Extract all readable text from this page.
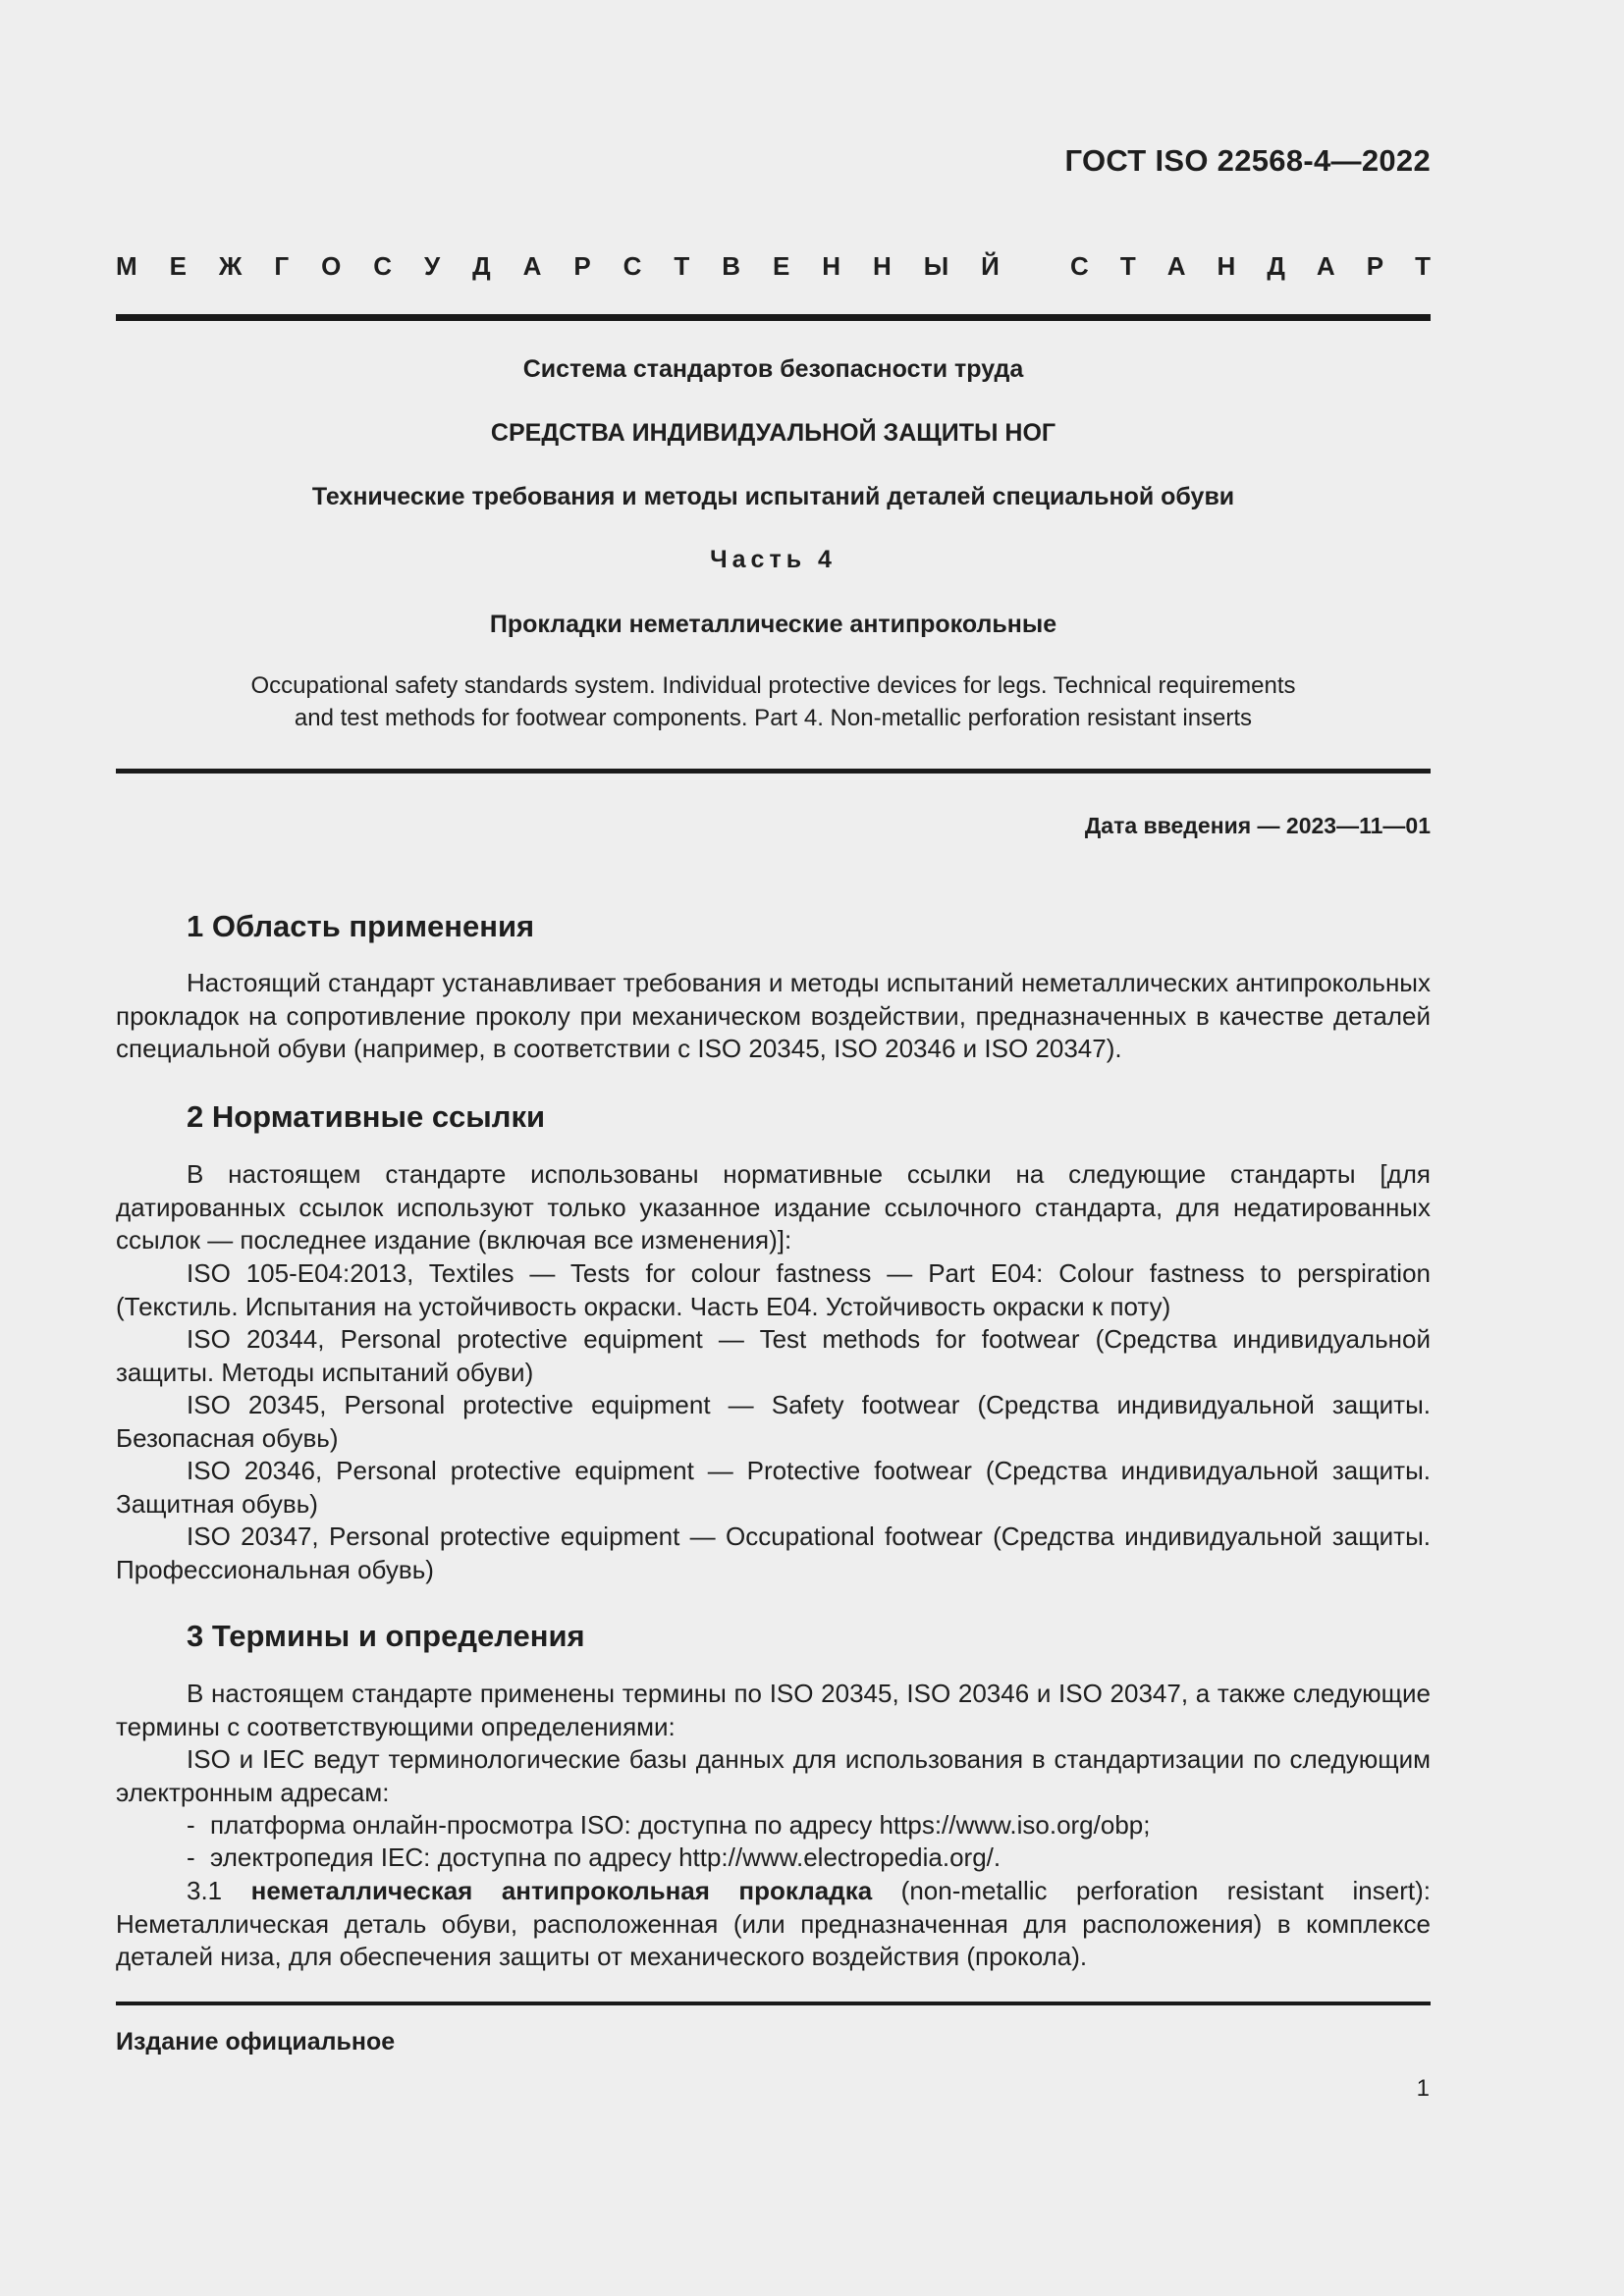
ГОСТ ISO 22568-4—2022
М Е Ж Г О С У Д А Р С Т В Е Н Н Ы Й	С Т А Н Д А Р Т
Система стандартов безопасности труда
СРЕДСТВА ИНДИВИДУАЛЬНОЙ ЗАЩИТЫ НОГ
Технические требования и методы испытаний деталей специальной обуви
Часть 4
Прокладки неметаллические антипрокольные
Occupational safety standards system. Individual protective devices for legs. Technical requirements
and test methods for footwear components. Part 4. Non-metallic perforation resistant inserts
Дата введения — 2023—11—01
1 Область применения

Настоящий стандарт устанавливает требования и методы испытаний неметаллических антипрокольных прокладок на сопротивление проколу при механическом воздействии, предназначенных в качестве деталей специальной обуви (например, в соответствии с ISO 20345, ISO 20346 и ISO 20347).

2 Нормативные ссылки

В настоящем стандарте использованы нормативные ссылки на следующие стандарты [для датированных ссылок используют только указанное издание ссылочного стандарта, для недатированных ссылок — последнее издание (включая все изменения)]:

ISO 105-E04:2013, Textiles — Tests for colour fastness — Part E04: Colour fastness to perspiration (Текстиль. Испытания на устойчивость окраски. Часть E04. Устойчивость окраски к поту)

ISO 20344, Personal protective equipment — Test methods for footwear (Средства индивидуальной защиты. Методы испытаний обуви)

ISO 20345, Personal protective equipment — Safety footwear (Средства индивидуальной защиты. Безопасная обувь)

ISO 20346, Personal protective equipment — Protective footwear (Средства индивидуальной защиты. Защитная обувь)

ISO 20347, Personal protective equipment — Occupational footwear (Средства индивидуальной защиты. Профессиональная обувь)

3 Термины и определения

В настоящем стандарте применены термины по ISO 20345, ISO 20346 и ISO 20347, а также следующие термины с соответствующими определениями:

ISO и IEC ведут терминологические базы данных для использования в стандартизации по следующим электронным адресам:

- платформа онлайн-просмотра ISO: доступна по адресу https://www.iso.org/obp;
- электропедия IEC: доступна по адресу http://www.electropedia.org/.

3.1 неметаллическая антипрокольная прокладка (non-metallic perforation resistant insert): Неметаллическая деталь обуви, расположенная (или предназначенная для расположения) в комплексе деталей низа, для обеспечения защиты от механического воздействия (прокола).

Издание официальное
1
